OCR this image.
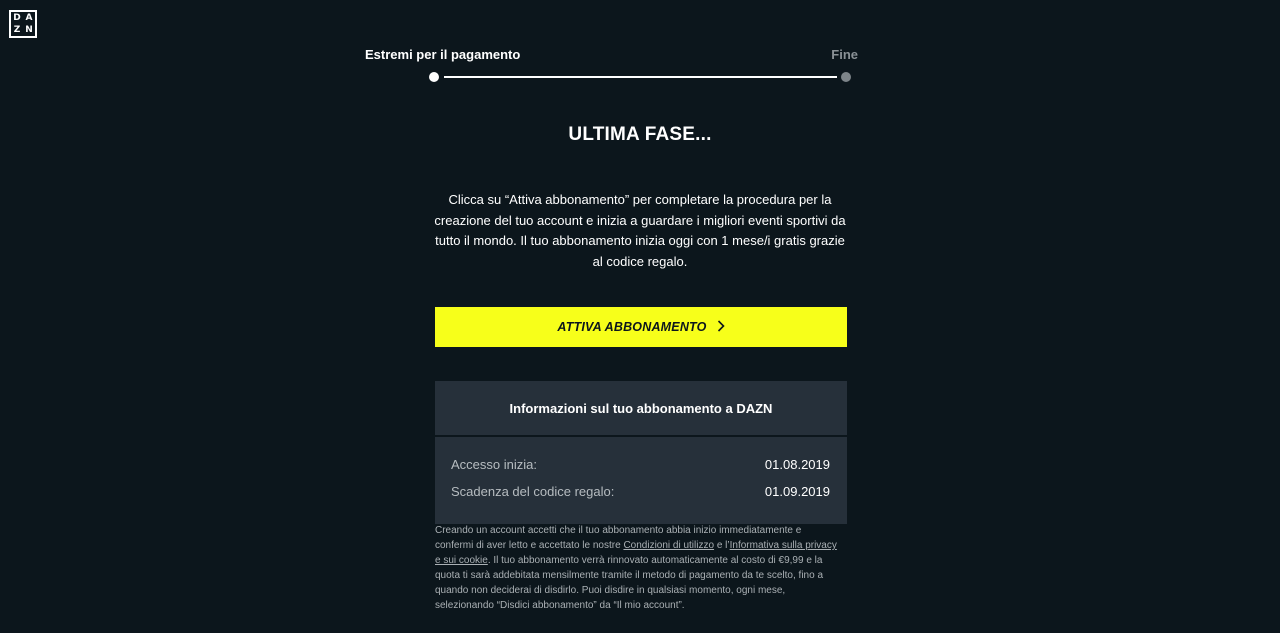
D A
Z N
Estremi per il pagamento	Fine
ULTIMA FASE...

Clicca su “Attiva abbonamento” per completare la procedura per la creazione del tuo account e inizia a guardare i migliori eventi sportivi da tutto il mondo. Il tuo abbonamento inizia oggi con 1 mese/i gratis grazie al codice regalo.

ATTIVA ABBONAMENTO
Informazioni sul tuo abbonamento a DAZN
Accesso inizia:	01.08.2019
Scadenza del codice regalo:	01.09.2019

Creando un account accetti che il tuo abbonamento abbia inizio immediatamente e confermi di aver letto e accettato le nostre Condizioni di utilizzo e l’Informativa sulla privacy e sui cookie. Il tuo abbonamento verrà rinnovato automaticamente al costo di €9,99 e la quota ti sarà addebitata mensilmente tramite il metodo di pagamento da te scelto, fino a quando non deciderai di disdirlo. Puoi disdire in qualsiasi momento, ogni mese, selezionando “Disdici abbonamento” da “Il mio account”.
